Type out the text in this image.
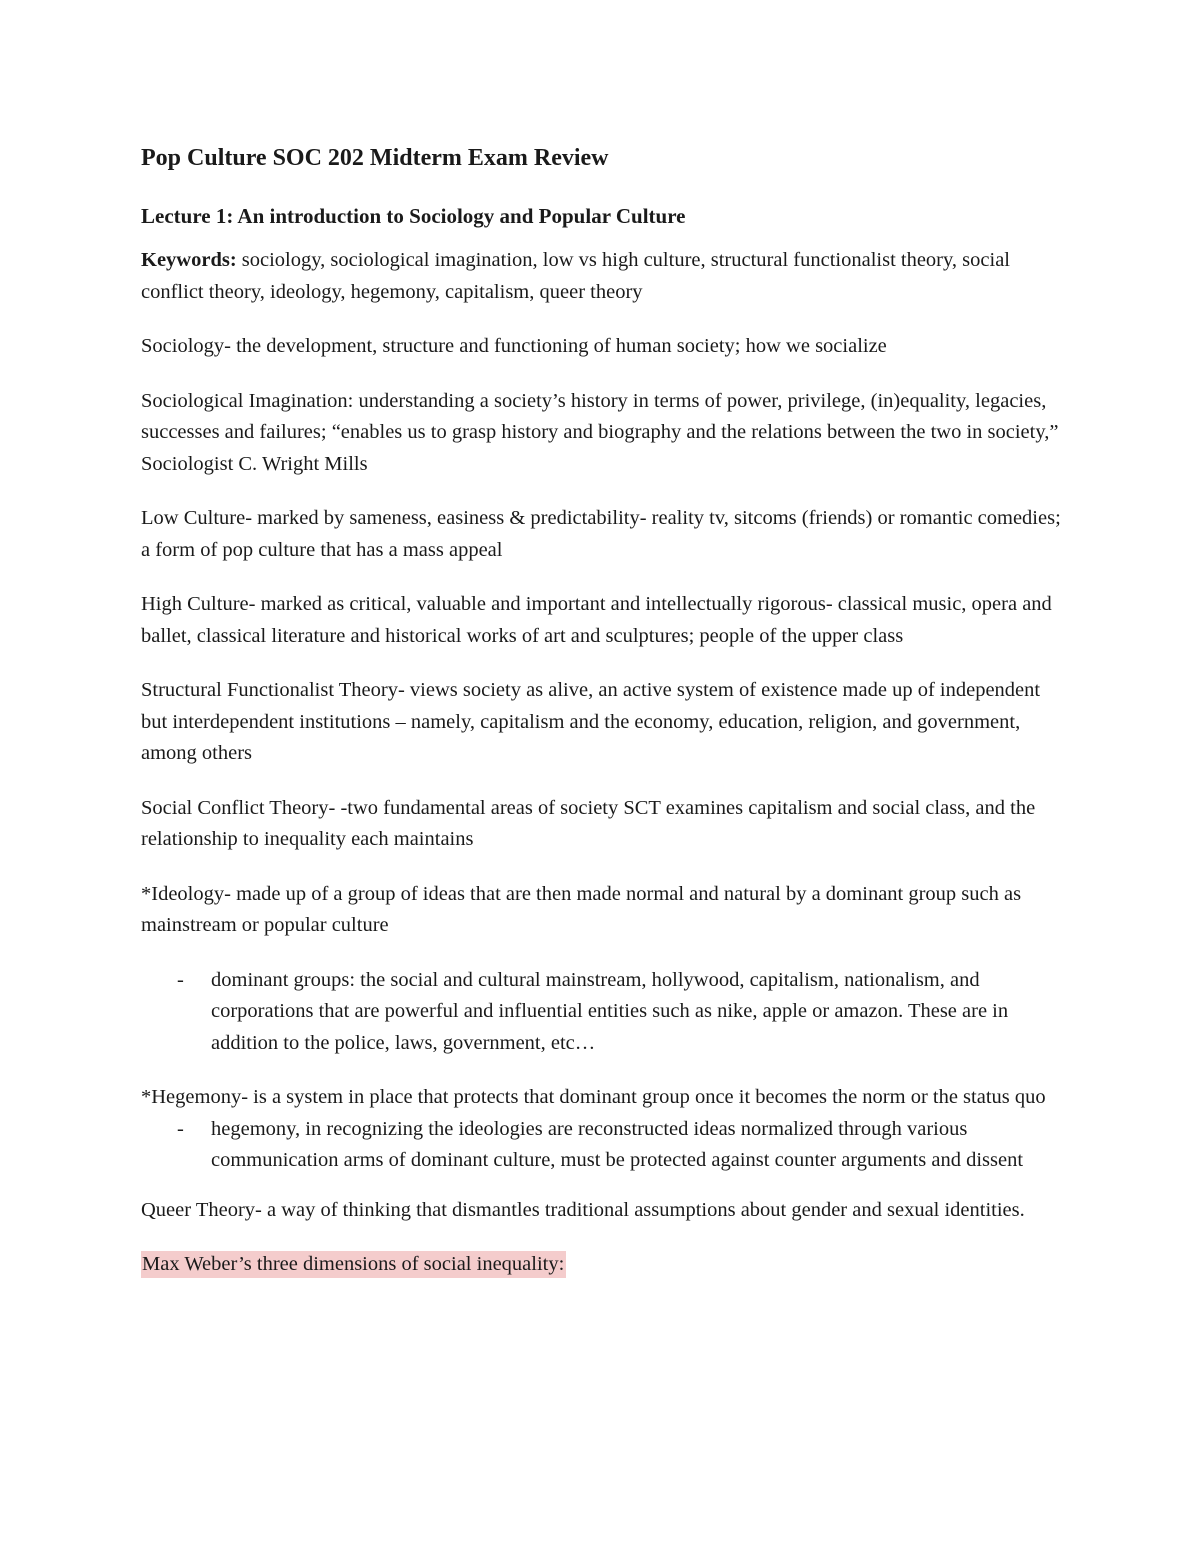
Pop Culture SOC 202 Midterm Exam Review
Lecture 1: An introduction to Sociology and Popular Culture

Keywords: sociology, sociological imagination, low vs high culture, structural functionalist theory, social conflict theory, ideology, hegemony, capitalism, queer theory

Sociology- the development, structure and functioning of human society; how we socialize

Sociological Imagination: understanding a society’s history in terms of power, privilege, (in)equality, legacies, successes and failures; “enables us to grasp history and biography and the relations between the two in society,” Sociologist C. Wright Mills

Low Culture- marked by sameness, easiness & predictability- reality tv, sitcoms (friends) or romantic comedies; a form of pop culture that has a mass appeal

High Culture- marked as critical, valuable and important and intellectually rigorous- classical music, opera and ballet, classical literature and historical works of art and sculptures; people of the upper class

Structural Functionalist Theory- views society as alive, an active system of existence made up of independent but interdependent institutions – namely, capitalism and the economy, education, religion, and government, among others

Social Conflict Theory- -two fundamental areas of society SCT examines capitalism and social class, and the relationship to inequality each maintains

*Ideology- made up of a group of ideas that are then made normal and natural by a dominant group such as mainstream or popular culture

- dominant groups: the social and cultural mainstream, hollywood, capitalism, nationalism, and corporations that are powerful and influential entities such as nike, apple or amazon. These are in addition to the police, laws, government, etc…

*Hegemony- is a system in place that protects that dominant group once it becomes the norm or the status quo

- hegemony, in recognizing the ideologies are reconstructed ideas normalized through various communication arms of dominant culture, must be protected against counter arguments and dissent

Queer Theory- a way of thinking that dismantles traditional assumptions about gender and sexual identities.

Max Weber’s three dimensions of social inequality:
